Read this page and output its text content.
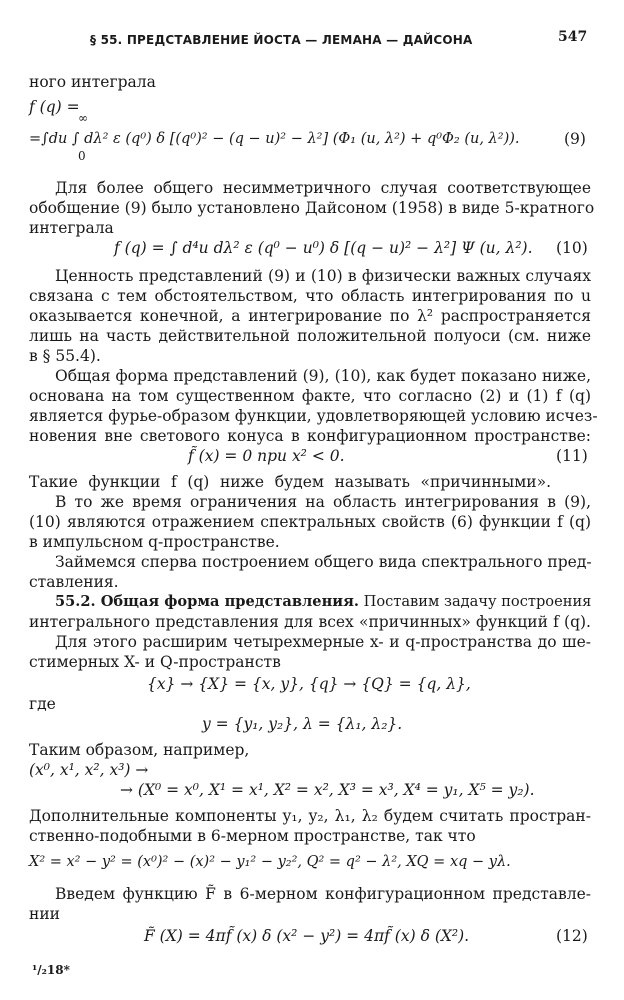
§ 55. ПРЕДСТАВЛЕНИЕ ЙОСТА — ЛЕМАНА — ДАЙСОНА	547
ного интеграла
f (q) =
∞
=∫du ∫ dλ² ε (q⁰) δ [(q⁰)² − (q − u)² − λ²] (Φ₁ (u, λ²) + q⁰Φ₂ (u, λ²)).
0
(9)
Для более общего несимметричного случая соответствующее
обобщение (9) было установлено Дайсоном (1958) в виде 5-кратного
интеграла
f (q) = ∫ d⁴u dλ² ε (q⁰ − u⁰) δ [(q − u)² − λ²] Ψ (u, λ²). (10)
Ценность представлений (9) и (10) в физически важных случаях
связана с тем обстоятельством, что область интегрирования по u
оказывается конечной, а интегрирование по λ² распространяется
лишь на часть действительной положительной полуоси (см. ниже
в § 55.4).
Общая форма представлений (9), (10), как будет показано ниже,
основана на том существенном факте, что согласно (2) и (1) f (q)
является фурье-образом функции, удовлетворяющей условию исчез-
новения вне светового конуса в конфигурационном пространстве:
f̃ (x) = 0 при x² < 0.	(11)
Такие функции f (q) ниже будем называть «причинными».
В то же время ограничения на область интегрирования в (9),
(10) являются отражением спектральных свойств (6) функции f (q)
в импульсном q-пространстве.
Займемся сперва построением общего вида спектрального пред-
ставления.
55.2. Общая форма представления. Поставим задачу построения
интегрального представления для всех «причинных» функций f (q).
Для этого расширим четырехмерные x- и q-пространства до ше-
стимерных X- и Q-пространств
{x} → {X} = {x, y}, {q} → {Q} = {q, λ},
где
y = {y₁, y₂}, λ = {λ₁, λ₂}.
Таким образом, например,
(x⁰, x¹, x², x³) →
→ (X⁰ = x⁰, X¹ = x¹, X² = x², X³ = x³, X⁴ = y₁, X⁵ = y₂).
Дополнительные компоненты y₁, y₂, λ₁, λ₂ будем считать простран-
ственно-подобными в 6-мерном пространстве, так что
X² = x² − y² = (x⁰)² − (x)² − y₁² − y₂², Q² = q² − λ², XQ = xq − yλ.
Введем функцию F̃ в 6-мерном конфигурационном представле-
нии
F̃ (X) = 4πf̃ (x) δ (x² − y²) = 4πf̃ (x) δ (X²).	(12)
¹/₂18*
